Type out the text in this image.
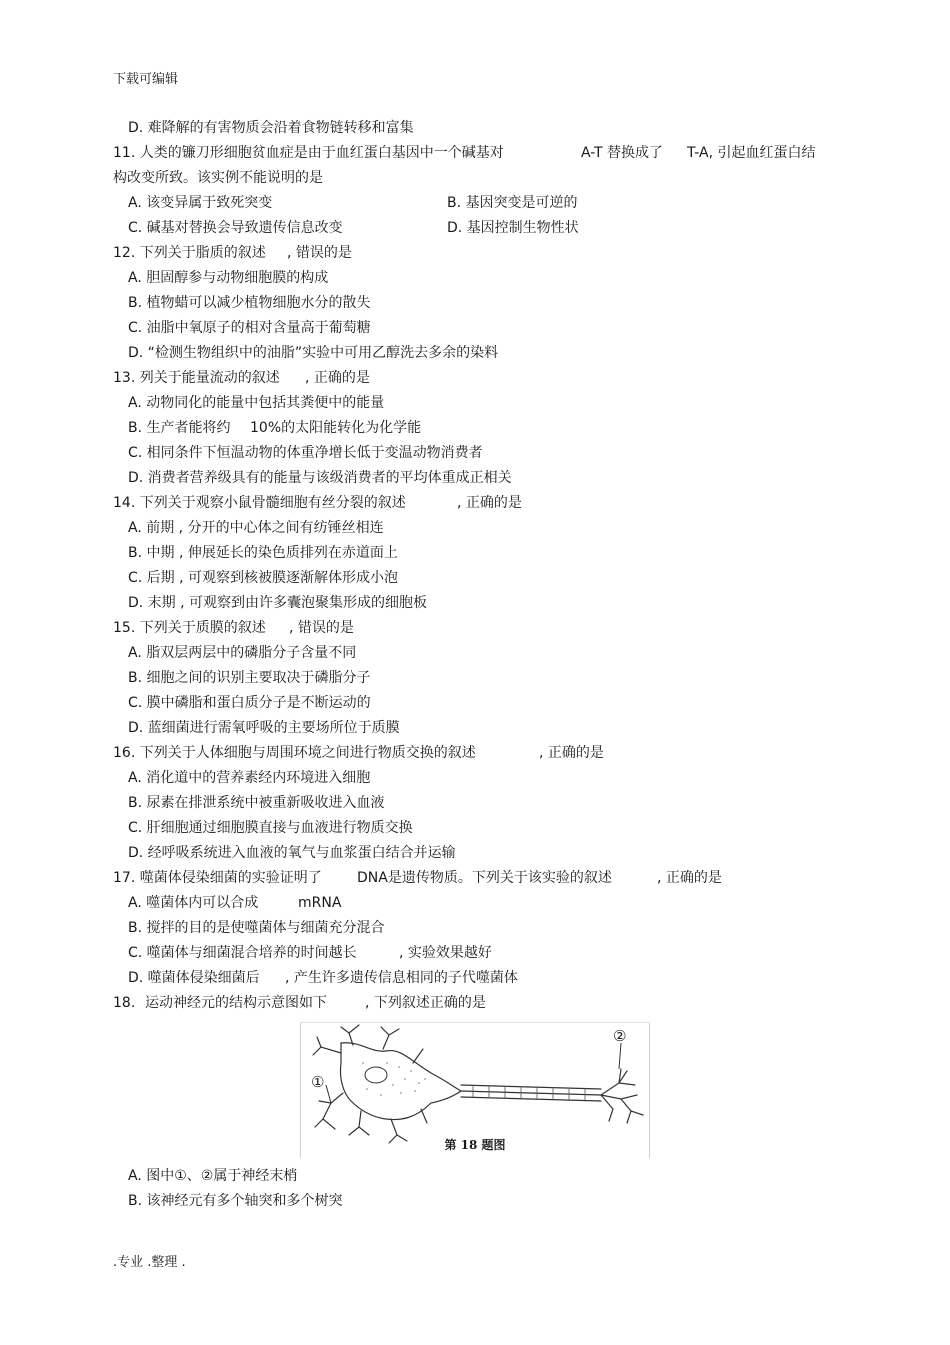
下载可编辑
D. 难降解的有害物质会沿着食物链转移和富集
11. 人类的镰刀形细胞贫血症是由于血红蛋白基因中一个碱基对	A-T 替换成了 T-A, 引起血红蛋白结
构改变所致。该实例不能说明的是
A. 该变异属于致死突变	B. 基因突变是可逆的
C. 碱基对替换会导致遗传信息改变	D. 基因控制生物性状
12. 下列关于脂质的叙述 , 错误的是
A. 胆固醇参与动物细胞膜的构成
B. 植物蜡可以减少植物细胞水分的散失
C. 油脂中氧原子的相对含量高于葡萄糖
D. “检测生物组织中的油脂”实验中可用乙醇洗去多余的染料
13. 列关于能量流动的叙述 , 正确的是
A. 动物同化的能量中包括其粪便中的能量
B. 生产者能将约 10%的太阳能转化为化学能
C. 相同条件下恒温动物的体重净增长低于变温动物消费者
D. 消费者营养级具有的能量与该级消费者的平均体重成正相关
14. 下列关于观察小鼠骨髓细胞有丝分裂的叙述	, 正确的是
A. 前期 , 分开的中心体之间有纺锤丝相连
B. 中期 , 伸展延长的染色质排列在赤道面上
C. 后期 , 可观察到核被膜逐渐解体形成小泡
D. 末期 , 可观察到由许多囊泡聚集形成的细胞板
15. 下列关于质膜的叙述 , 错误的是
A. 脂双层两层中的磷脂分子含量不同
B. 细胞之间的识别主要取决于磷脂分子
C. 膜中磷脂和蛋白质分子是不断运动的
D. 蓝细菌进行需氧呼吸的主要场所位于质膜
16. 下列关于人体细胞与周围环境之间进行物质交换的叙述	, 正确的是
A. 消化道中的营养素经内环境进入细胞
B. 尿素在排泄系统中被重新吸收进入血液
C. 肝细胞通过细胞膜直接与血液进行物质交换
D. 经呼吸系统进入血液的氧气与血浆蛋白结合并运输
17. 噬菌体侵染细菌的实验证明了	DNA是遗传物质。下列关于该实验的叙述	, 正确的是
A. 噬菌体内可以合成	mRNA
B. 搅拌的目的是使噬菌体与细菌充分混合
C. 噬菌体与细菌混合培养的时间越长	, 实验效果越好
D. 噬菌体侵染细菌后 , 产生许多遗传信息相同的子代噬菌体
18. 运动神经元的结构示意图如下	, 下列叙述正确的是
①
②
第 18 题图
A. 图中①、②属于神经末梢
B. 该神经元有多个轴突和多个树突
.专业 .整理 .
